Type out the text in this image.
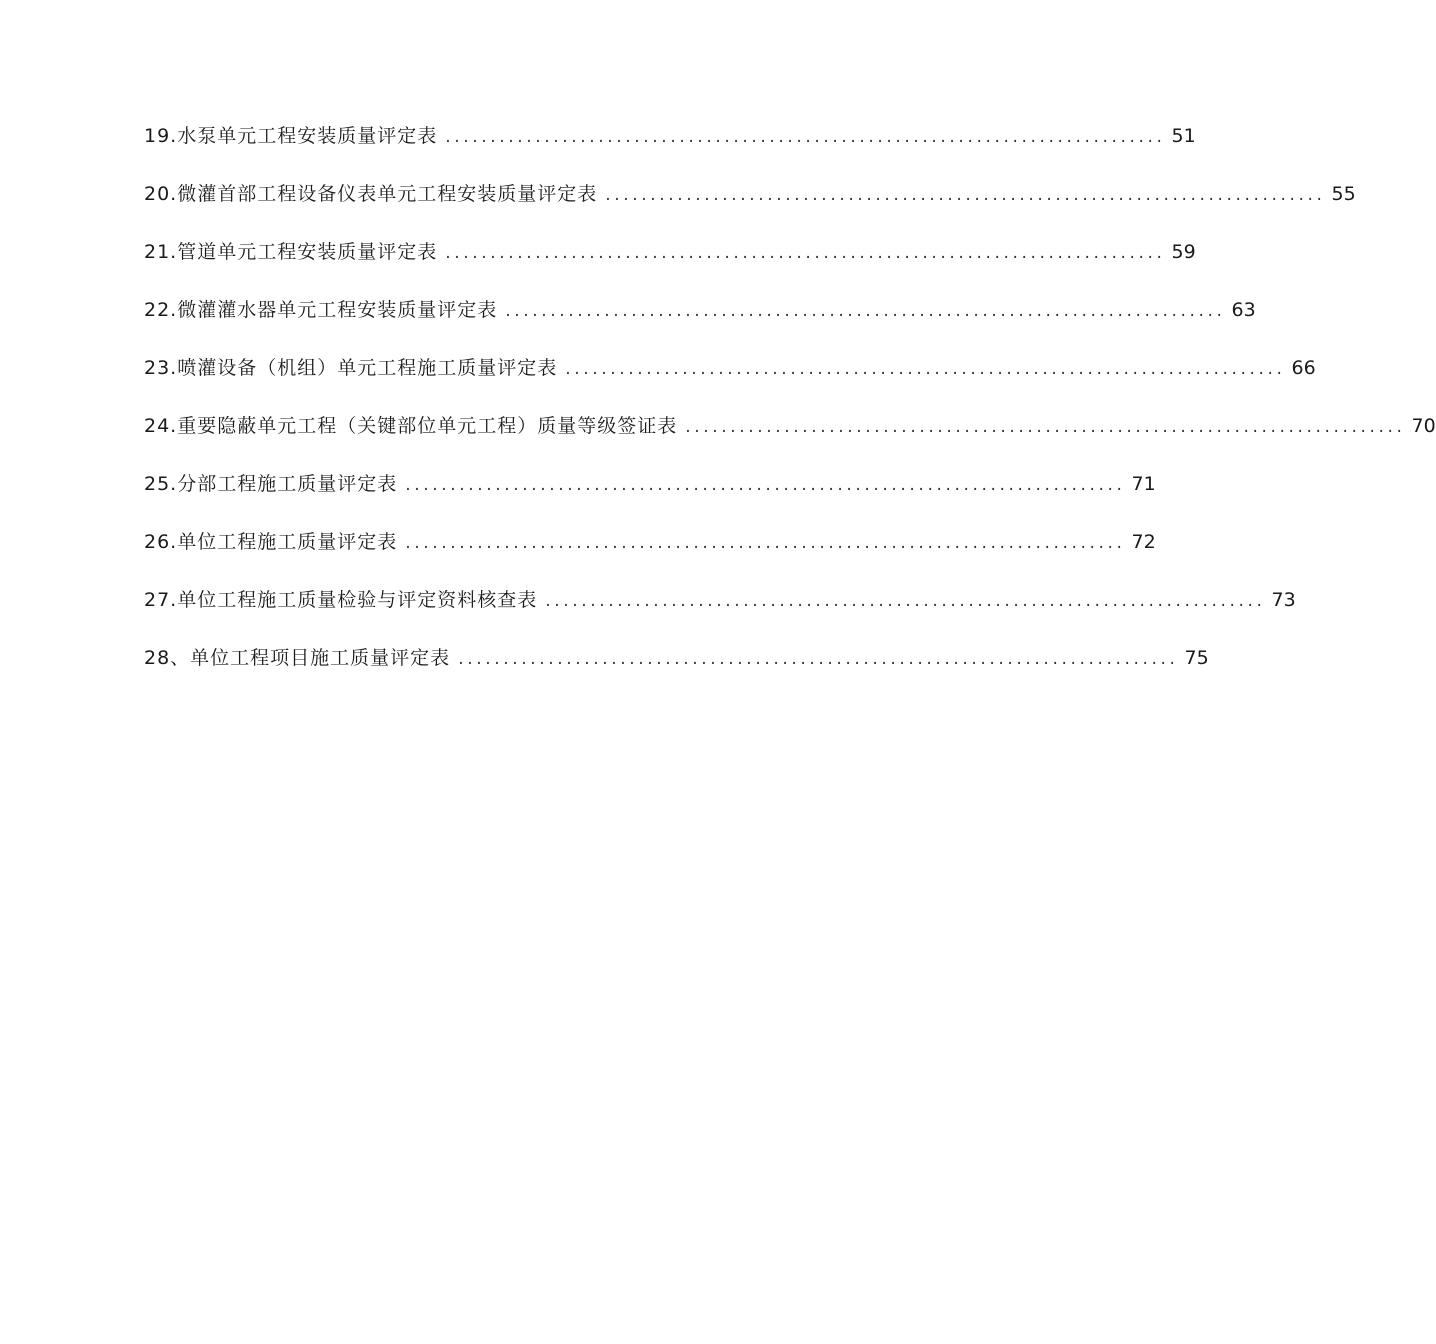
19.水泵单元工程安装质量评定表 ................................................................................ 51
20.微灌首部工程设备仪表单元工程安装质量评定表 ................................................................................ 55
21.管道单元工程安装质量评定表 ................................................................................ 59
22.微灌灌水器单元工程安装质量评定表 ................................................................................ 63
23.喷灌设备（机组）单元工程施工质量评定表 ................................................................................ 66
24.重要隐蔽单元工程（关键部位单元工程）质量等级签证表 ................................................................................ 70
25.分部工程施工质量评定表 ................................................................................ 71
26.单位工程施工质量评定表 ................................................................................ 72
27.单位工程施工质量检验与评定资料核查表 ................................................................................ 73
28、单位工程项目施工质量评定表 ................................................................................ 75
